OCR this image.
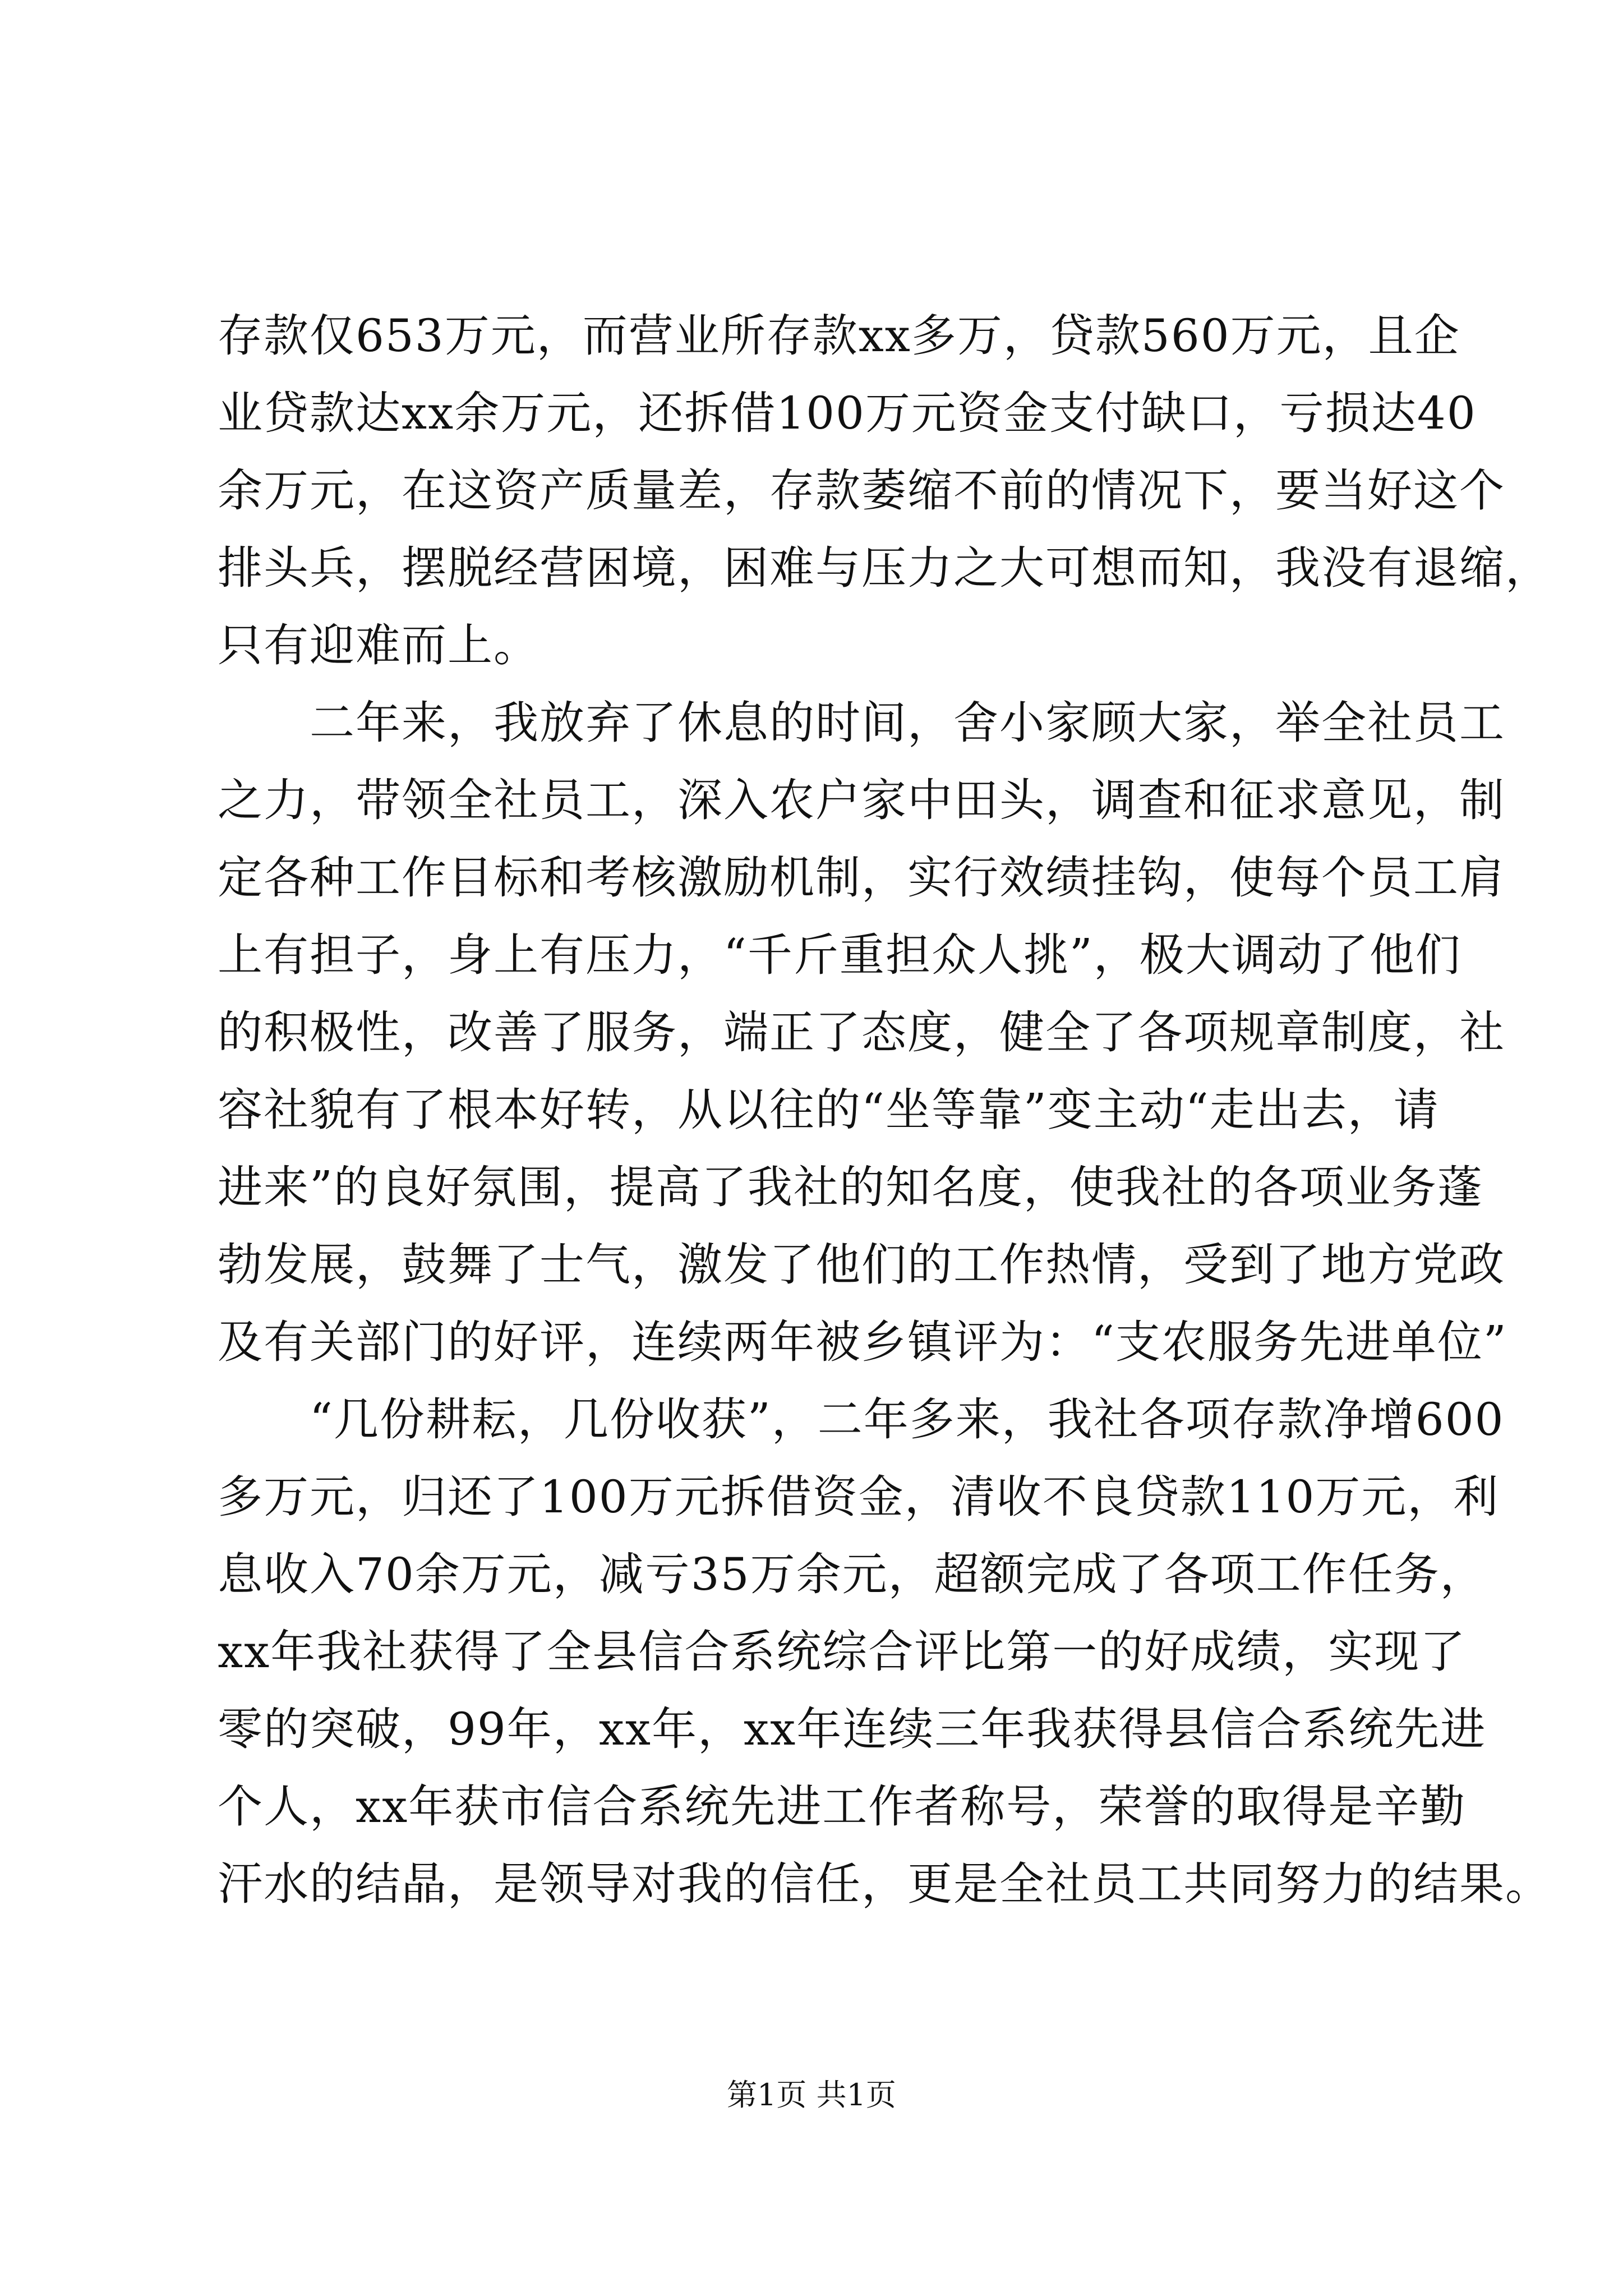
存款仅653万元，而营业所存款xx多万，贷款560万元，且企
业贷款达xx余万元，还拆借100万元资金支付缺口，亏损达40
余万元，在这资产质量差，存款萎缩不前的情况下，要当好这个
排头兵，摆脱经营困境，困难与压力之大可想而知，我没有退缩，
只有迎难而上。
　　二年来，我放弃了休息的时间，舍小家顾大家，举全社员工
之力，带领全社员工，深入农户家中田头，调查和征求意见，制
定各种工作目标和考核激励机制，实行效绩挂钩，使每个员工肩
上有担子，身上有压力，“千斤重担众人挑”，极大调动了他们
的积极性，改善了服务，端正了态度，健全了各项规章制度，社
容社貌有了根本好转，从以往的“坐等靠”变主动“走出去，请
进来”的良好氛围，提高了我社的知名度，使我社的各项业务蓬
勃发展，鼓舞了士气，激发了他们的工作热情，受到了地方党政
及有关部门的好评，连续两年被乡镇评为：“支农服务先进单位”
　　“几份耕耘，几份收获”，二年多来，我社各项存款净增600
多万元，归还了100万元拆借资金，清收不良贷款110万元，利
息收入70余万元，减亏35万余元，超额完成了各项工作任务，
xx年我社获得了全县信合系统综合评比第一的好成绩，实现了
零的突破，99年，xx年，xx年连续三年我获得县信合系统先进
个人，xx年获市信合系统先进工作者称号，荣誉的取得是辛勤
汗水的结晶，是领导对我的信任，更是全社员工共同努力的结果。
第1页 共1页
